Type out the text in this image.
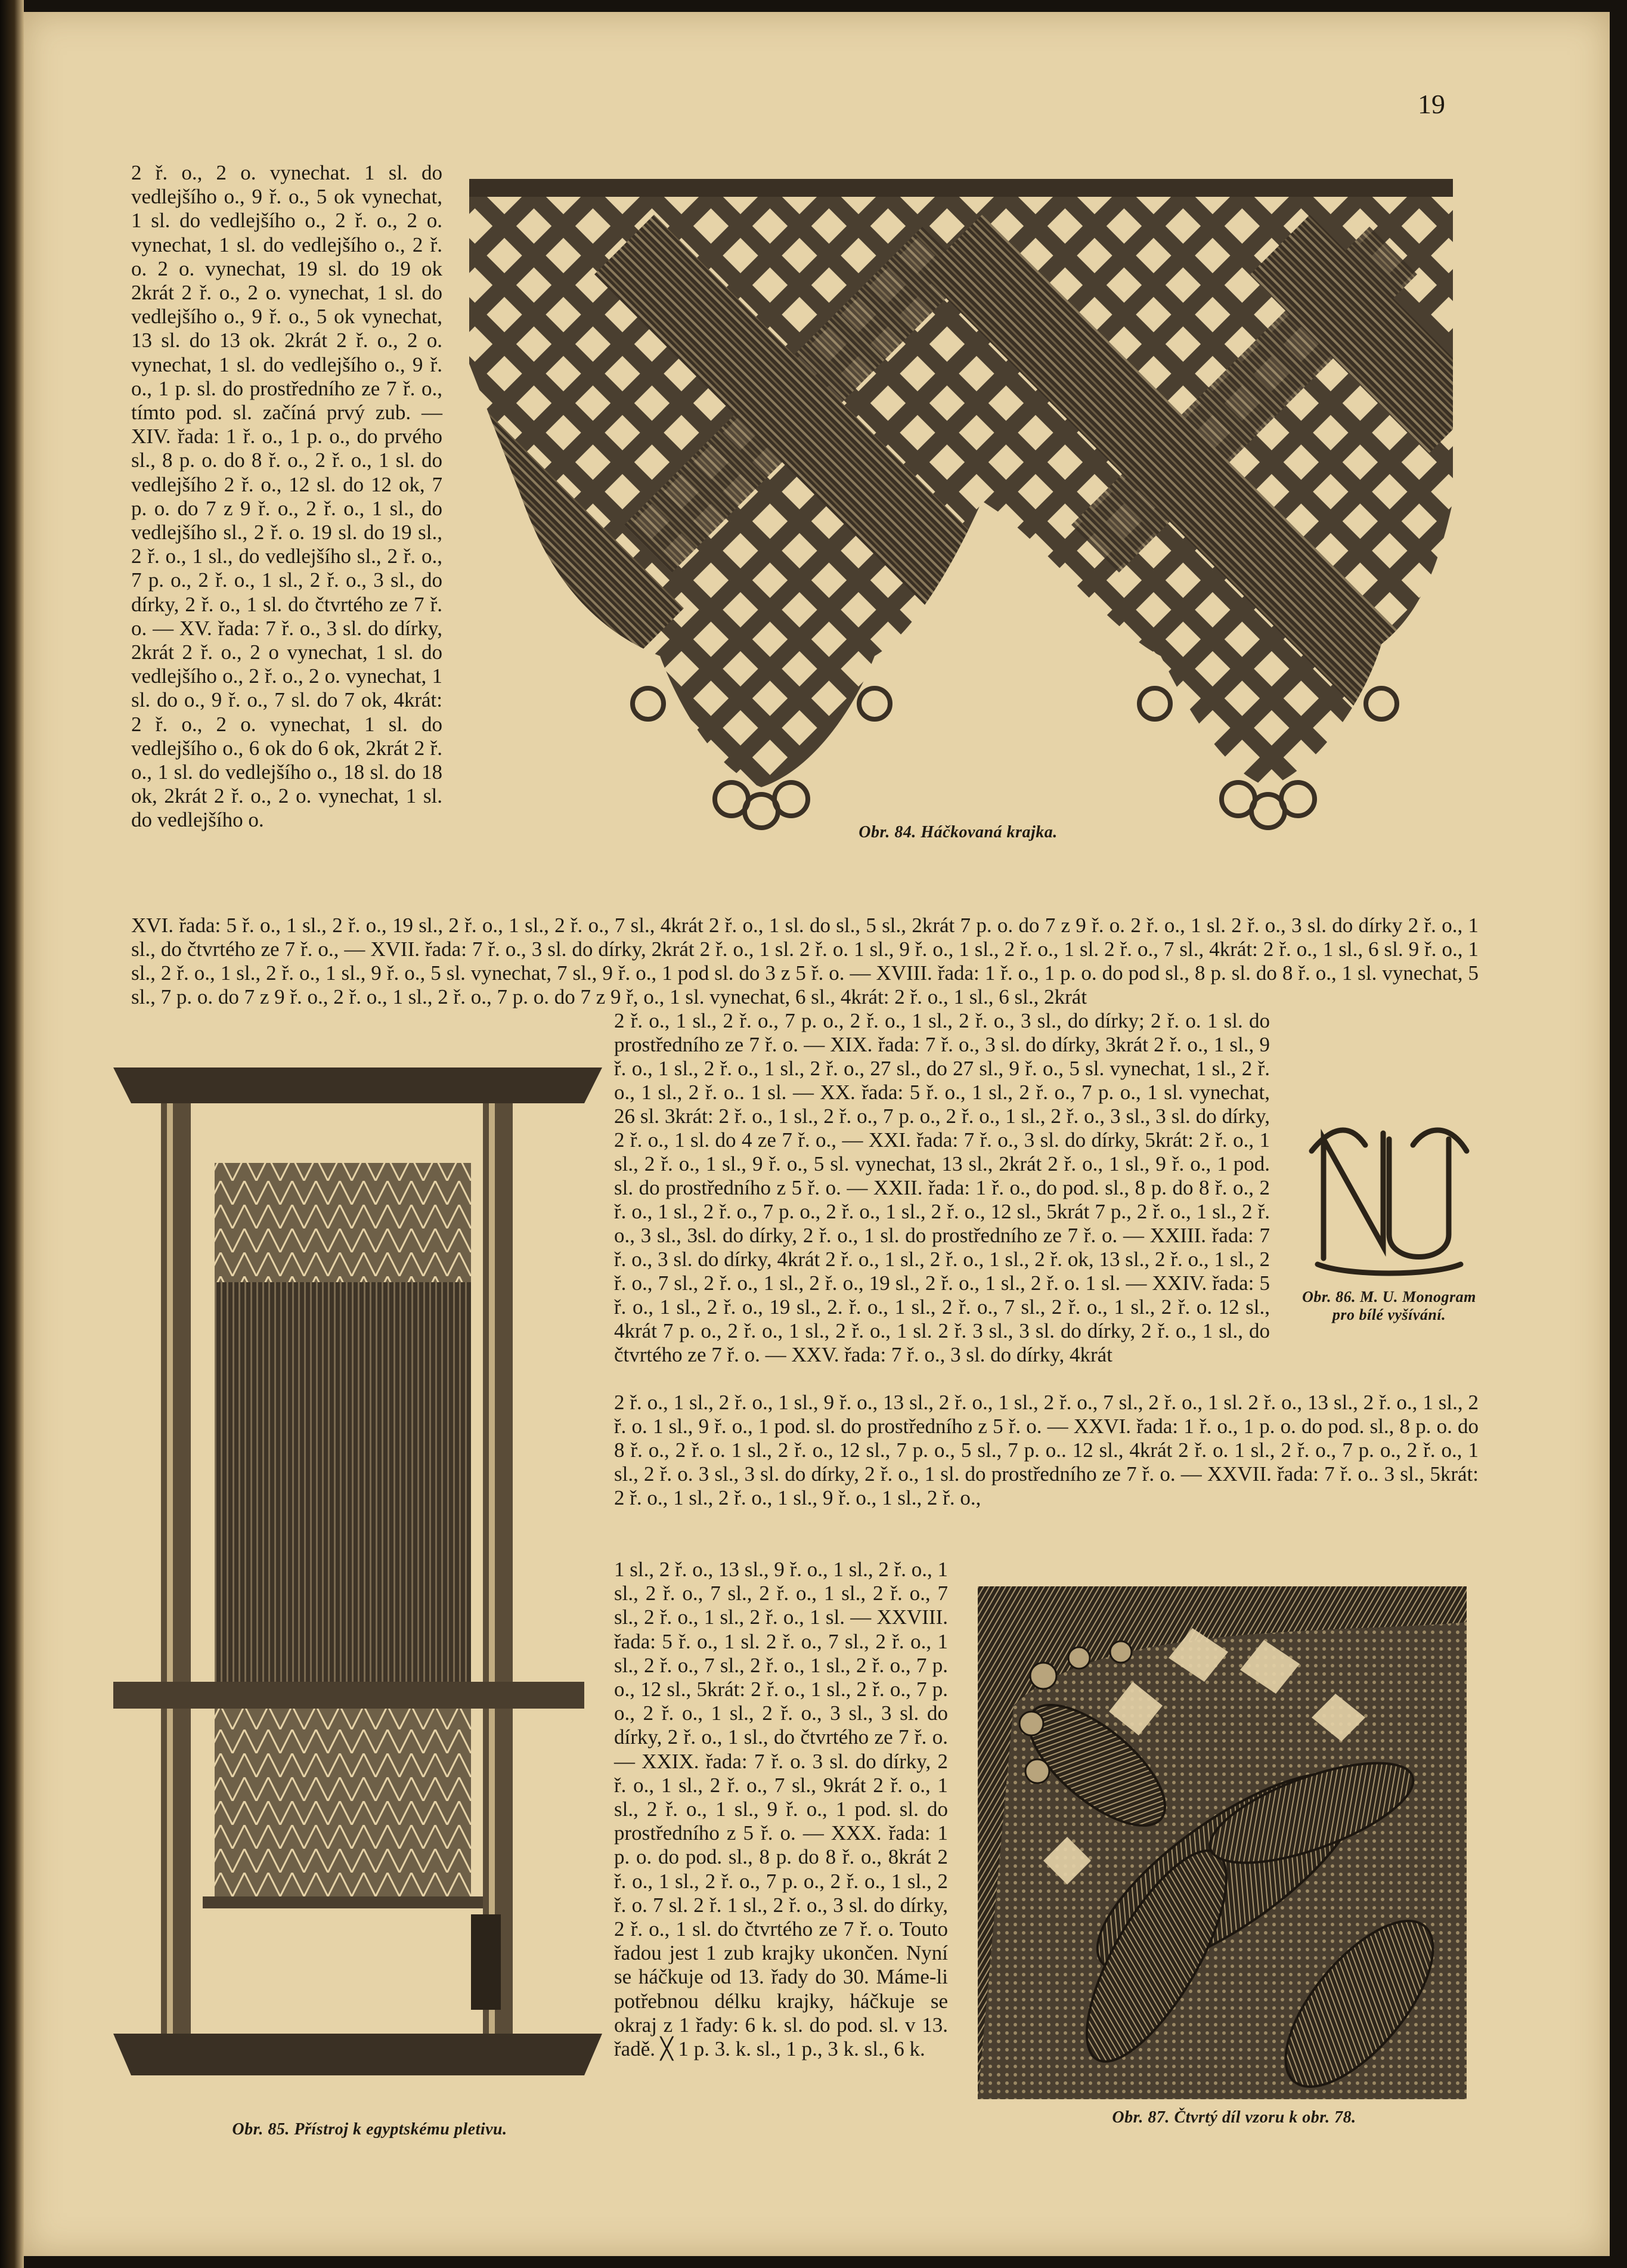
19
Obr. 84. Háčkovaná krajka.

2 ř. o., 2 o. vynechat. 1 sl. do vedlejšího o., 9 ř. o., 5 ok vynechat, 1 sl. do vedlejšího o., 2 ř. o., 2 o. vynechat, 1 sl. do vedlejšího o., 2 ř. o. 2 o. vynechat, 19 sl. do 19 ok 2krát 2 ř. o., 2 o. vynechat, 1 sl. do vedlejšího o., 9 ř. o., 5 ok vynechat, 13 sl. do 13 ok. 2krát 2 ř. o., 2 o. vynechat, 1 sl. do vedlejšího o., 9 ř. o., 1 p. sl. do prostředního ze 7 ř. o., tímto pod. sl. začíná prvý zub. — XIV. řada: 1 ř. o., 1 p. o., do prvého sl., 8 p. o. do 8 ř. o., 2 ř. o., 1 sl. do vedlejšího 2 ř. o., 12 sl. do 12 ok, 7 p. o. do 7 z 9 ř. o., 2 ř. o., 1 sl., do vedlejšího sl., 2 ř. o. 19 sl. do 19 sl., 2 ř. o., 1 sl., do vedlejšího sl., 2 ř. o., 7 p. o., 2 ř. o., 1 sl., 2 ř. o., 3 sl., do dírky, 2 ř. o., 1 sl. do čtvrtého ze 7 ř. o. — XV. řada: 7 ř. o., 3 sl. do dírky, 2krát 2 ř. o., 2 o vynechat, 1 sl. do vedlejšího o., 2 ř. o., 2 o. vynechat, 1 sl. do o., 9 ř. o., 7 sl. do 7 ok, 4krát: 2 ř. o., 2 o. vynechat, 1 sl. do vedlejšího o., 6 ok do 6 ok, 2krát 2 ř. o., 1 sl. do vedlejšího o., 18 sl. do 18 ok, 2krát 2 ř. o., 2 o. vynechat, 1 sl. do vedlejšího o.

XVI. řada: 5 ř. o., 1 sl., 2 ř. o., 19 sl., 2 ř. o., 1 sl., 2 ř. o., 7 sl., 4krát 2 ř. o., 1 sl. do sl., 5 sl., 2krát 7 p. o. do 7 z 9 ř. o. 2 ř. o., 1 sl. 2 ř. o., 3 sl. do dírky 2 ř. o., 1 sl., do čtvrtého ze 7 ř. o., — XVII. řada: 7 ř. o., 3 sl. do dírky, 2krát 2 ř. o., 1 sl. 2 ř. o. 1 sl., 9 ř. o., 1 sl., 2 ř. o., 1 sl. 2 ř. o., 7 sl., 4krát: 2 ř. o., 1 sl., 6 sl. 9 ř. o., 1 sl., 2 ř. o., 1 sl., 2 ř. o., 1 sl., 9 ř. o., 5 sl. vynechat, 7 sl., 9 ř. o., 1 pod sl. do 3 z 5 ř. o. — XVIII. řada: 1 ř. o., 1 p. o. do pod sl., 8 p. sl. do 8 ř. o., 1 sl. vynechat, 5 sl., 7 p. o. do 7 z 9 ř. o., 2 ř. o., 1 sl., 2 ř. o., 7 p. o. do 7 z 9 ř, o., 1 sl. vynechat, 6 sl., 4krát: 2 ř. o., 1 sl., 6 sl., 2krát

Obr. 85. Přístroj k egyptskému pletivu.

2 ř. o., 1 sl., 2 ř. o., 7 p. o., 2 ř. o., 1 sl., 2 ř. o., 3 sl., do dírky; 2 ř. o. 1 sl. do prostředního ze 7 ř. o. — XIX. řada: 7 ř. o., 3 sl. do dírky, 3krát 2 ř. o., 1 sl., 9 ř. o., 1 sl., 2 ř. o., 1 sl., 2 ř. o., 27 sl., do 27 sl., 9 ř. o., 5 sl. vynechat, 1 sl., 2 ř. o., 1 sl., 2 ř. o.. 1 sl. — XX. řada: 5 ř. o., 1 sl., 2 ř. o., 7 p. o., 1 sl. vynechat, 26 sl. 3krát: 2 ř. o., 1 sl., 2 ř. o., 7 p. o., 2 ř. o., 1 sl., 2 ř. o., 3 sl., 3 sl. do dírky, 2 ř. o., 1 sl. do 4 ze 7 ř. o., — XXI. řada: 7 ř. o., 3 sl. do dírky, 5krát: 2 ř. o., 1 sl., 2 ř. o., 1 sl., 9 ř. o., 5 sl. vynechat, 13 sl., 2krát 2 ř. o., 1 sl., 9 ř. o., 1 pod. sl. do prostředního z 5 ř. o. — XXII. řada: 1 ř. o., do pod. sl., 8 p. do 8 ř. o., 2 ř. o., 1 sl., 2 ř. o., 7 p. o., 2 ř. o., 1 sl., 2 ř. o., 12 sl., 5krát 7 p., 2 ř. o., 1 sl., 2 ř. o., 3 sl., 3sl. do dírky, 2 ř. o., 1 sl. do prostředního ze 7 ř. o. — XXIII. řada: 7 ř. o., 3 sl. do dírky, 4krát 2 ř. o., 1 sl., 2 ř. o., 1 sl., 2 ř. ok, 13 sl., 2 ř. o., 1 sl., 2 ř. o., 7 sl., 2 ř. o., 1 sl., 2 ř. o., 19 sl., 2 ř. o., 1 sl., 2 ř. o. 1 sl. — XXIV. řada: 5 ř. o., 1 sl., 2 ř. o., 19 sl., 2. ř. o., 1 sl., 2 ř. o., 7 sl., 2 ř. o., 1 sl., 2 ř. o. 12 sl., 4krát 7 p. o., 2 ř. o., 1 sl., 2 ř. o., 1 sl. 2 ř. 3 sl., 3 sl. do dírky, 2 ř. o., 1 sl., do čtvrtého ze 7 ř. o. — XXV. řada: 7 ř. o., 3 sl. do dírky, 4krát

Obr. 86. M. U. Monogram
pro bílé vyšívání.

2 ř. o., 1 sl., 2 ř. o., 1 sl., 9 ř. o., 13 sl., 2 ř. o., 1 sl., 2 ř. o., 7 sl., 2 ř. o., 1 sl. 2 ř. o., 13 sl., 2 ř. o., 1 sl., 2 ř. o. 1 sl., 9 ř. o., 1 pod. sl. do prostředního z 5 ř. o. — XXVI. řada: 1 ř. o., 1 p. o. do pod. sl., 8 p. o. do 8 ř. o., 2 ř. o. 1 sl., 2 ř. o., 12 sl., 7 p. o., 5 sl., 7 p. o.. 12 sl., 4krát 2 ř. o. 1 sl., 2 ř. o., 7 p. o., 2 ř. o., 1 sl., 2 ř. o. 3 sl., 3 sl. do dírky, 2 ř. o., 1 sl. do prostředního ze 7 ř. o. — XXVII. řada: 7 ř. o.. 3 sl., 5krát: 2 ř. o., 1 sl., 2 ř. o., 1 sl., 9 ř. o., 1 sl., 2 ř. o.,

1 sl., 2 ř. o., 13 sl., 9 ř. o., 1 sl., 2 ř. o., 1 sl., 2 ř. o., 7 sl., 2 ř. o., 1 sl., 2 ř. o., 7 sl., 2 ř. o., 1 sl., 2 ř. o., 1 sl. — XXVIII. řada: 5 ř. o., 1 sl. 2 ř. o., 7 sl., 2 ř. o., 1 sl., 2 ř. o., 7 sl., 2 ř. o., 1 sl., 2 ř. o., 7 p. o., 12 sl., 5krát: 2 ř. o., 1 sl., 2 ř. o., 7 p. o., 2 ř. o., 1 sl., 2 ř. o., 3 sl., 3 sl. do dírky, 2 ř. o., 1 sl., do čtvrtého ze 7 ř. o. — XXIX. řada: 7 ř. o. 3 sl. do dírky, 2 ř. o., 1 sl., 2 ř. o., 7 sl., 9krát 2 ř. o., 1 sl., 2 ř. o., 1 sl., 9 ř. o., 1 pod. sl. do prostředního z 5 ř. o. — XXX. řada: 1 p. o. do pod. sl., 8 p. do 8 ř. o., 8krát 2 ř. o., 1 sl., 2 ř. o., 7 p. o., 2 ř. o., 1 sl., 2 ř. o. 7 sl. 2 ř. 1 sl., 2 ř. o., 3 sl. do dírky, 2 ř. o., 1 sl. do čtvrtého ze 7 ř. o. Touto řadou jest 1 zub krajky ukončen. Nyní se háčkuje od 13. řady do 30. Máme-li potřebnou délku krajky, háčkuje se okraj z 1 řady: 6 k. sl. do pod. sl. v 13. řadě. ╳ 1 p. 3. k. sl., 1 p., 3 k. sl., 6 k.

Obr. 87. Čtvrtý díl vzoru k obr. 78.
